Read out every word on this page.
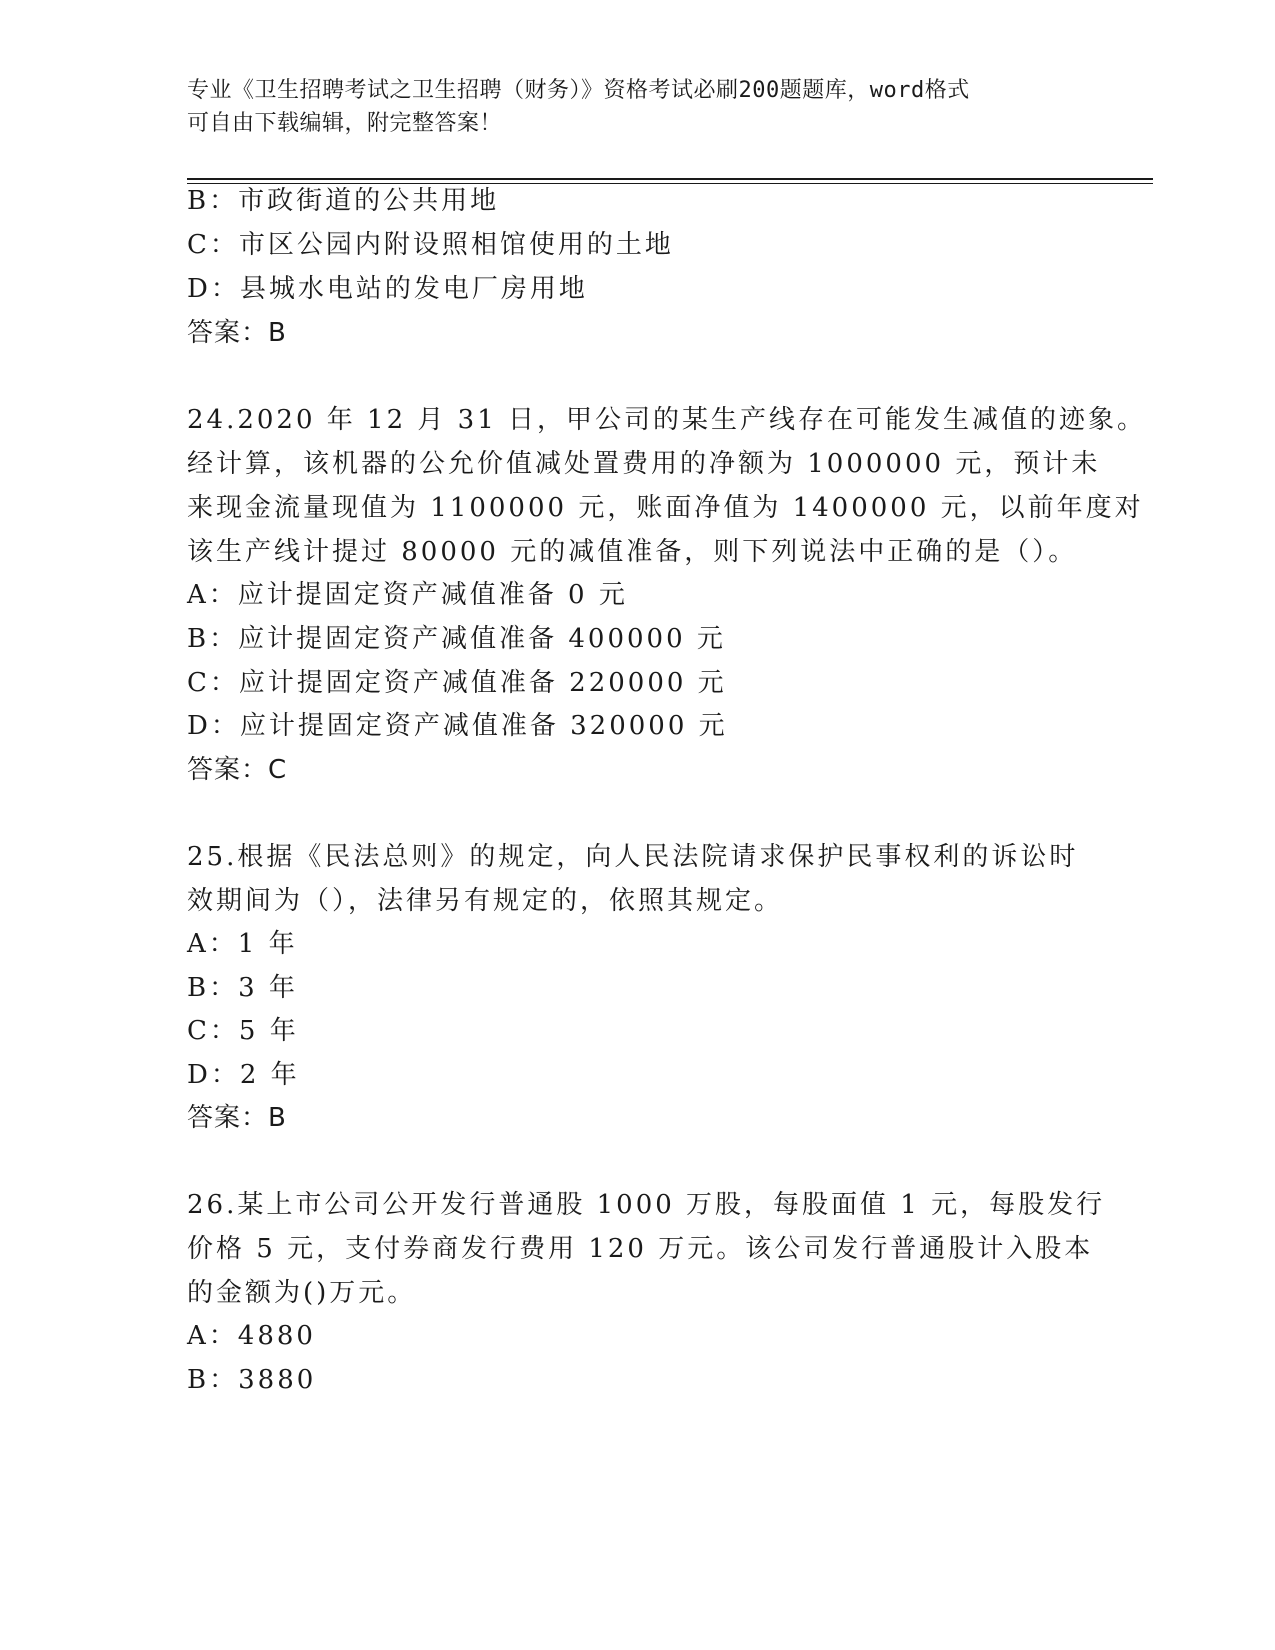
专业《卫生招聘考试之卫生招聘（财务）》资格考试必刷200题题库，word格式
可自由下载编辑，附完整答案！
B：市政街道的公共用地
C：市区公园内附设照相馆使用的土地
D：县城水电站的发电厂房用地
答案：B
24.2020 年 12 月 31 日，甲公司的某生产线存在可能发生减值的迹象。
经计算，该机器的公允价值减处置费用的净额为 1000000 元，预计未
来现金流量现值为 1100000 元，账面净值为 1400000 元，以前年度对
该生产线计提过 80000 元的减值准备，则下列说法中正确的是（）。
A：应计提固定资产减值准备 0 元
B：应计提固定资产减值准备 400000 元
C：应计提固定资产减值准备 220000 元
D：应计提固定资产减值准备 320000 元
答案：C
25.根据《民法总则》的规定，向人民法院请求保护民事权利的诉讼时
效期间为（），法律另有规定的，依照其规定。
A：1 年
B：3 年
C：5 年
D：2 年
答案：B
26.某上市公司公开发行普通股 1000 万股，每股面值 1 元，每股发行
价格 5 元，支付券商发行费用 120 万元。该公司发行普通股计入股本
的金额为()万元。
A：4880
B：3880
